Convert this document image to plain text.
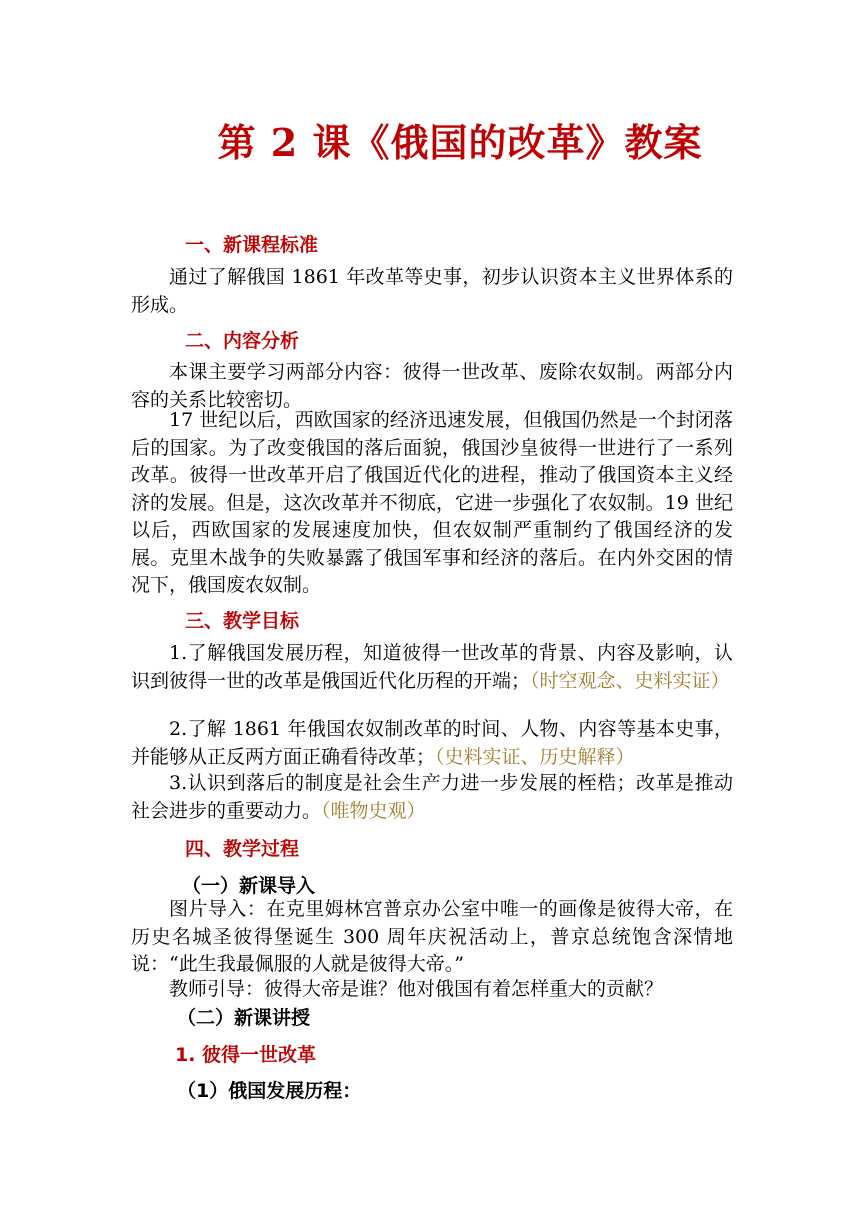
第 2 课《俄国的改革》教案
一、新课程标准
通过了解俄国 1861 年改革等史事，初步认识资本主义世界体系的形成。
二、内容分析
本课主要学习两部分内容：彼得一世改革、废除农奴制。两部分内容的关系比较密切。
17 世纪以后，西欧国家的经济迅速发展，但俄国仍然是一个封闭落后的国家。为了改变俄国的落后面貌，俄国沙皇彼得一世进行了一系列改革。彼得一世改革开启了俄国近代化的进程，推动了俄国资本主义经济的发展。但是，这次改革并不彻底，它进一步强化了农奴制。19 世纪以后，西欧国家的发展速度加快，但农奴制严重制约了俄国经济的发展。克里木战争的失败暴露了俄国军事和经济的落后。在内外交困的情况下，俄国废农奴制。
三、教学目标
1.了解俄国发展历程，知道彼得一世改革的背景、内容及影响，认识到彼得一世的改革是俄国近代化历程的开端；（时空观念、史料实证）
2.了解 1861 年俄国农奴制改革的时间、人物、内容等基本史事，并能够从正反两方面正确看待改革；（史料实证、历史解释）
3.认识到落后的制度是社会生产力进一步发展的桎梏；改革是推动社会进步的重要动力。（唯物史观）
四、教学过程
（一）新课导入
图片导入：在克里姆林宫普京办公室中唯一的画像是彼得大帝，在历史名城圣彼得堡诞生 300 周年庆祝活动上，普京总统饱含深情地说：“此生我最佩服的人就是彼得大帝。”
教师引导：彼得大帝是谁？他对俄国有着怎样重大的贡献？
（二）新课讲授
1. 彼得一世改革
（1）俄国发展历程：
